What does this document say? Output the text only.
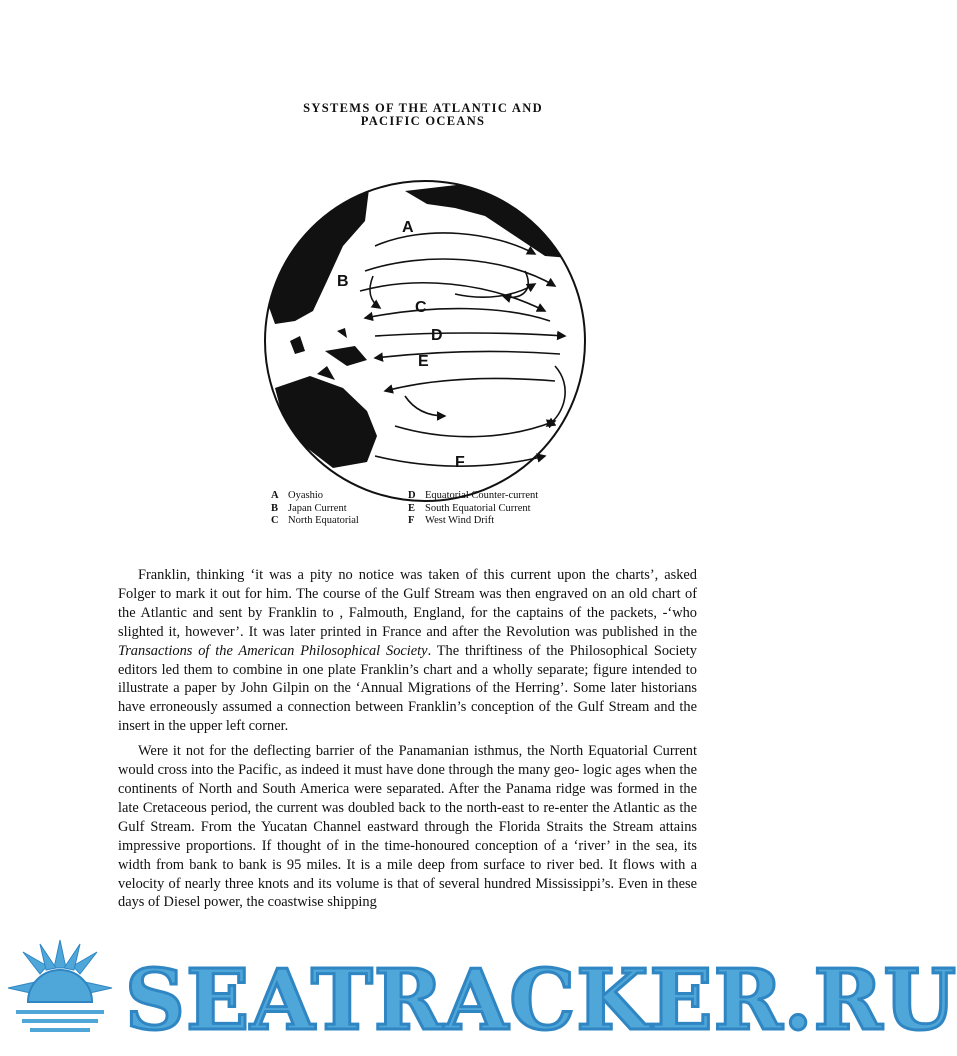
SYSTEMS OF THE ATLANTIC AND
PACIFIC OCEANS
A
B
C
D
E
F
A Oyashio
B Japan Current
C North Equatorial
D Equatorial Counter-current
E South Equatorial Current
F West Wind Drift

Franklin, thinking ‘it was a pity no notice was taken of this current upon the charts’, asked Folger to mark it out for him. The course of the Gulf Stream was then engraved on an old chart of the Atlantic and sent by Franklin to , Falmouth, England, for the captains of the packets, -‘who slighted it, however’. It was later printed in France and after the Revolution was published in the Transactions of the American Philosophical Society. The thriftiness of the Philosophical Society editors led them to combine in one plate Franklin’s chart and a wholly separate; figure intended to illustrate a paper by John Gilpin on the ‘Annual Migrations of the Herring’. Some later historians have erroneously assumed a connection between Franklin’s conception of the Gulf Stream and the insert in the upper left corner.

Were it not for the deflecting barrier of the Panamanian isthmus, the North Equatorial Current would cross into the Pacific, as indeed it must have done through the many geo- logic ages when the continents of North and South America were separated. After the Panama ridge was formed in the late Cretaceous period, the current was doubled back to the north-east to re-enter the Atlantic as the Gulf Stream. From the Yucatan Channel eastward through the Florida Straits the Stream attains impressive proportions. If thought of in the time-honoured conception of a ‘river’ in the sea, its width from bank to bank is 95 miles. It is a mile deep from surface to river bed. It flows with a velocity of nearly three knots and its volume is that of several hundred Mississippi’s. Even in these days of Diesel power, the coastwise shipping

SEATRACKER.RU
